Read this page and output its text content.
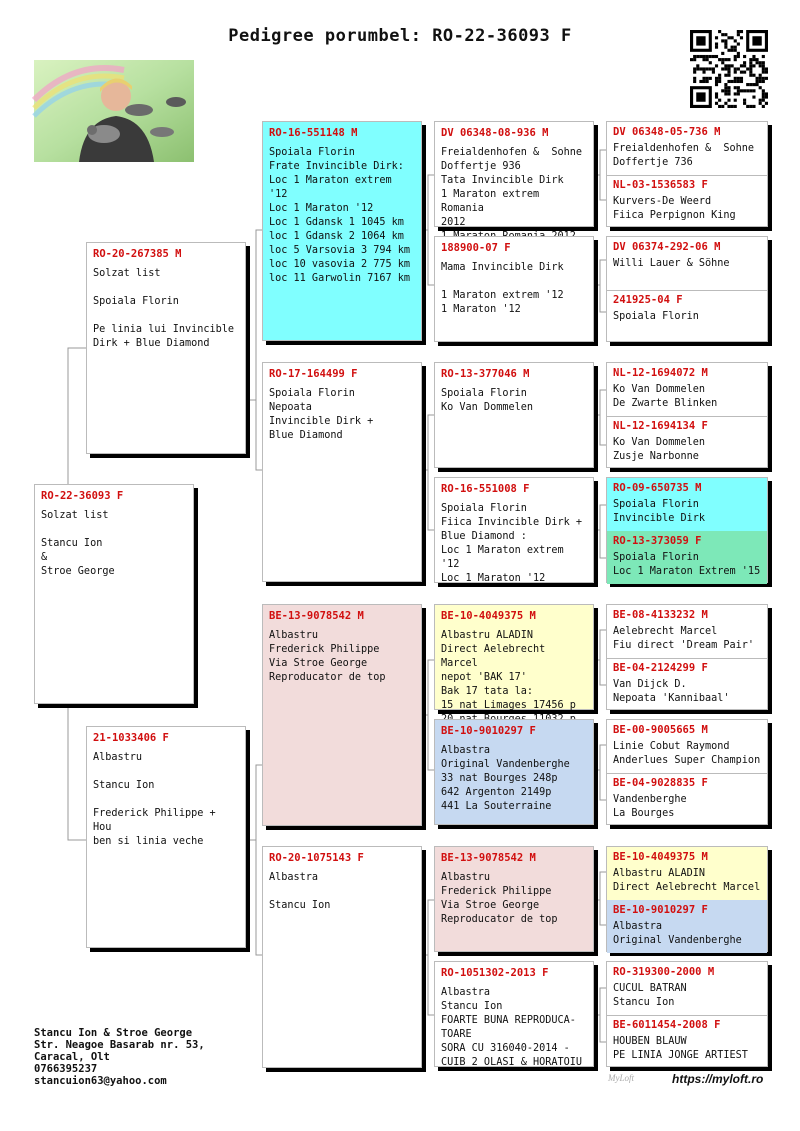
Pedigree porumbel: RO-22-36093 F
RO-22-36093 F
Solzat list

Stancu Ion
&
Stroe George
RO-20-267385 M
Solzat list

Spoiala Florin

Pe linia lui Invincible
Dirk + Blue Diamond
21-1033406 F
Albastru

Stancu Ion

Frederick Philippe + Hou
ben si linia veche
RO-16-551148 M
Spoiala Florin
Frate Invincible Dirk:
Loc 1 Maraton extrem '12
Loc 1 Maraton '12
Loc 1 Gdansk 1 1045 km
loc 1 Gdansk 2 1064 km
loc 5 Varsovia 3 794 km
loc 10 vasovia 2 775 km
loc 11 Garwolin 7167 km
RO-17-164499 F
Spoiala Florin
Nepoata
Invincible Dirk +
Blue Diamond
BE-13-9078542 M
Albastru
Frederick Philippe
Via Stroe George
Reproducator de top
RO-20-1075143 F
Albastra

Stancu Ion
DV 06348-08-936 M
Freialdenhofen &  Sohne
Doffertje 936
Tata Invincible Dirk
1 Maraton extrem Romania
2012

188900-07 F
Mama Invincible Dirk

1 Maraton extrem '12
1 Maraton '12
RO-13-377046 M
Spoiala Florin
Ko Van Dommelen
RO-16-551008 F
Spoiala Florin
Fiica Invincible Dirk +
Blue Diamond :
Loc 1 Maraton extrem '12
Loc 1 Maraton '12
BE-10-4049375 M
Albastru ALADIN
Direct Aelebrecht Marcel
nepot 'BAK 17'
Bak 17 tata la:
15 nat Limages 17456 p

BE-10-9010297 F
Albastra
Original Vandenberghe
33 nat Bourges 248p
642 Argenton 2149p
441 La Souterraine
BE-13-9078542 M
Albastru
Frederick Philippe
Via Stroe George
Reproducator de top
RO-1051302-2013 F
Albastra
Stancu Ion
FOARTE BUNA REPRODUCA-
TOARE
SORA CU 316040-2014 -
CUIB 2 OLASI & HORATOIU
DV 06348-05-736 M
Freialdenhofen &  Sohne
Doffertje 736
NL-03-1536583 F
Kurvers-De Weerd
Fiica Perpignon King
DV 06374-292-06 M
Willi Lauer & Söhne
241925-04 F
Spoiala Florin
NL-12-1694072 M
Ko Van Dommelen
De Zwarte Blinken
NL-12-1694134 F
Ko Van Dommelen
Zusje Narbonne
RO-09-650735 M
Spoiala Florin
Invincible Dirk
RO-13-373059 F
Spoiala Florin
Loc 1 Maraton Extrem '15
BE-08-4133232 M
Aelebrecht Marcel
Fiu direct 'Dream Pair'
BE-04-2124299 F
Van Dijck D.
Nepoata 'Kannibaal'
BE-00-9005665 M
Linie Cobut Raymond
Anderlues Super Champion
BE-04-9028835 F
Vandenberghe
La Bourges
BE-10-4049375 M
Albastru ALADIN
Direct Aelebrecht Marcel
BE-10-9010297 F
Albastra
Original Vandenberghe
RO-319300-2000 M
CUCUL BATRAN
Stancu Ion
BE-6011454-2008 F
HOUBEN BLAUW
PE LINIA JONGE ARTIEST
Stancu Ion & Stroe George
Str. Neagoe Basarab nr. 53,
Caracal, Olt
0766395237
stancuion63@yahoo.com	MyLoft	https://myloft.ro
